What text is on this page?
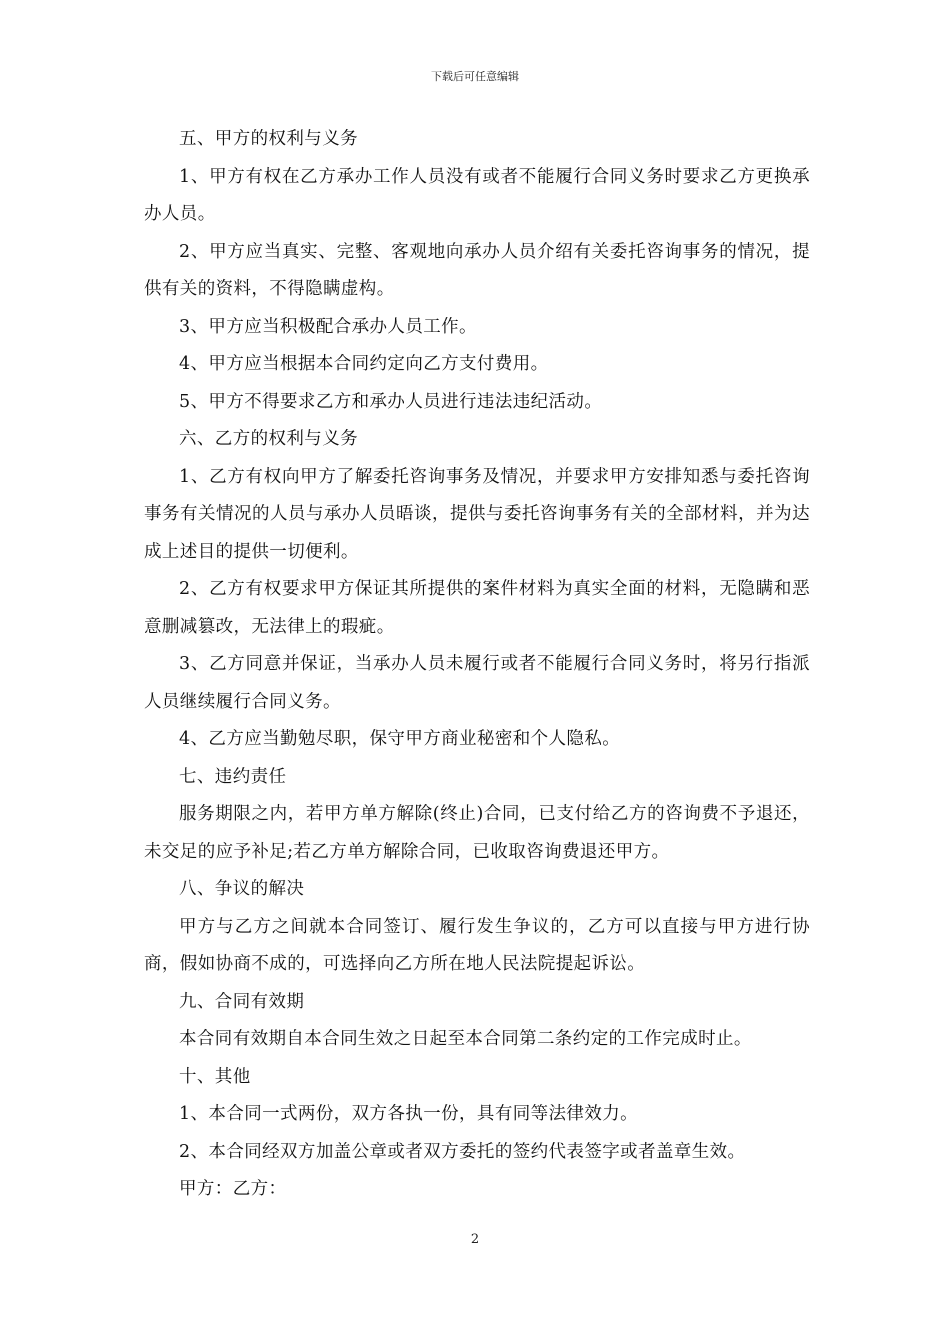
下载后可任意编辑

五、甲方的权利与义务

1、甲方有权在乙方承办工作人员没有或者不能履行合同义务时要求乙方更换承办人员。

2、甲方应当真实、完整、客观地向承办人员介绍有关委托咨询事务的情况，提供有关的资料，不得隐瞒虚构。

3、甲方应当积极配合承办人员工作。

4、甲方应当根据本合同约定向乙方支付费用。

5、甲方不得要求乙方和承办人员进行违法违纪活动。

六、乙方的权利与义务

1、乙方有权向甲方了解委托咨询事务及情况，并要求甲方安排知悉与委托咨询事务有关情况的人员与承办人员晤谈，提供与委托咨询事务有关的全部材料，并为达成上述目的提供一切便利。

2、乙方有权要求甲方保证其所提供的案件材料为真实全面的材料，无隐瞒和恶意删减篡改，无法律上的瑕疵。

3、乙方同意并保证，当承办人员未履行或者不能履行合同义务时，将另行指派人员继续履行合同义务。

4、乙方应当勤勉尽职，保守甲方商业秘密和个人隐私。

七、违约责任

服务期限之内，若甲方单方解除(终止)合同，已支付给乙方的咨询费不予退还，未交足的应予补足;若乙方单方解除合同，已收取咨询费退还甲方。

八、争议的解决

甲方与乙方之间就本合同签订、履行发生争议的，乙方可以直接与甲方进行协商，假如协商不成的，可选择向乙方所在地人民法院提起诉讼。

九、合同有效期

本合同有效期自本合同生效之日起至本合同第二条约定的工作完成时止。

十、其他

1、本合同一式两份，双方各执一份，具有同等法律效力。

2、本合同经双方加盖公章或者双方委托的签约代表签字或者盖章生效。

甲方：乙方：

2
